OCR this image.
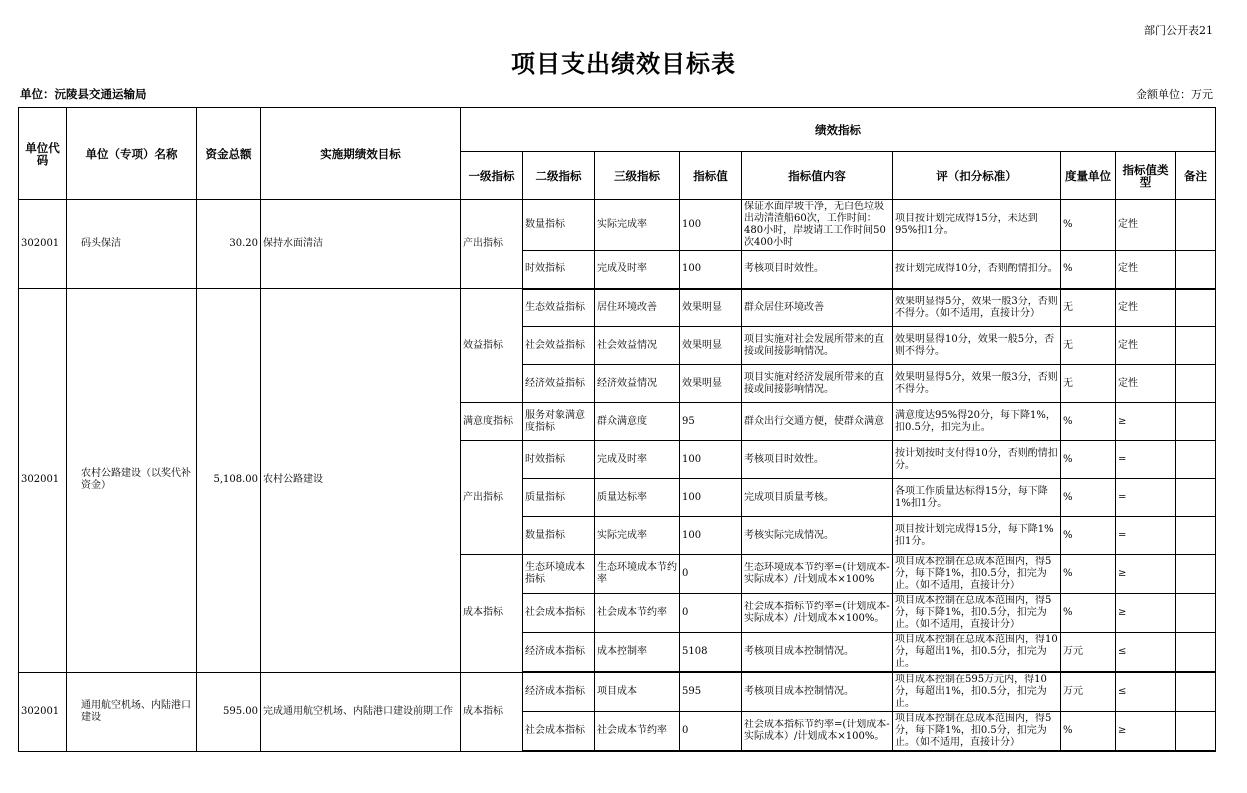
部门公开表21
项目支出绩效目标表
单位：沅陵县交通运输局	金额单位：万元
单位代码	单位（专项）名称	资金总额	实施期绩效目标	绩效指标								
				一级指标	二级指标	三级指标	指标值	指标值内容	评（扣分标准）	度量单位	指标值类型	备注
302001	码头保洁	30.20	保持水面清洁	产出指标	数量指标	实际完成率	100	保证水面岸坡干净，无白色垃圾出动清渣船60次，工作时间：480小时，岸坡请工工作时间50次400小时	项目按计划完成得15分，未达到95%扣1分。	%	定性	
					时效指标	完成及时率	100	考核项目时效性。	按计划完成得10分，否则酌情扣分。	%	定性	
302001	农村公路建设（以奖代补资金）	5,108.00	农村公路建设	效益指标	生态效益指标	居住环境改善	效果明显	群众居住环境改善	效果明显得5分，效果一般3分，否则不得分。（如不适用，直接计分）	无	定性	
					社会效益指标	社会效益情况	效果明显	项目实施对社会发展所带来的直接或间接影响情况。	效果明显得10分，效果一般5分，否则不得分。	无	定性	
					经济效益指标	经济效益情况	效果明显	项目实施对经济发展所带来的直接或间接影响情况。	效果明显得5分，效果一般3分，否则不得分。	无	定性	
				满意度指标	服务对象满意度指标	群众满意度	95	群众出行交通方便，使群众满意	满意度达95%得20分，每下降1%，扣0.5分，扣完为止。	%	≥	
				产出指标	时效指标	完成及时率	100	考核项目时效性。	按计划按时支付得10分，否则酌情扣分。	%	=	
					质量指标	质量达标率	100	完成项目质量考核。	各项工作质量达标得15分，每下降1%扣1分。	%	=	
					数量指标	实际完成率	100	考核实际完成情况。	项目按计划完成得15分，每下降1%扣1分。	%	=	
				成本指标	生态环境成本指标	生态环境成本节约率	0	生态环境成本节约率=(计划成本-实际成本）/计划成本×100%	项目成本控制在总成本范围内，得5分，每下降1%，扣0.5分，扣完为止。（如不适用，直接计分）	%	≥	
					社会成本指标	社会成本节约率	0	社会成本指标节约率=(计划成本-实际成本）/计划成本×100%。	项目成本控制在总成本范围内，得5分，每下降1%，扣0.5分，扣完为止。（如不适用，直接计分）	%	≥	
					经济成本指标	成本控制率	5108	考核项目成本控制情况。	项目成本控制在总成本范围内，得10分，每超出1%，扣0.5分，扣完为止。	万元	≤	
302001	通用航空机场、内陆港口建设	595.00	完成通用航空机场、内陆港口建设前期工作	成本指标	经济成本指标	项目成本	595	考核项目成本控制情况。	项目成本控制在595万元内，得10分，每超出1%，扣0.5分，扣完为止。	万元	≤	
					社会成本指标	社会成本节约率	0	社会成本指标节约率=(计划成本-实际成本）/计划成本×100%。	项目成本控制在总成本范围内，得5分，每下降1%，扣0.5分，扣完为止。（如不适用，直接计分）	%	≥	
